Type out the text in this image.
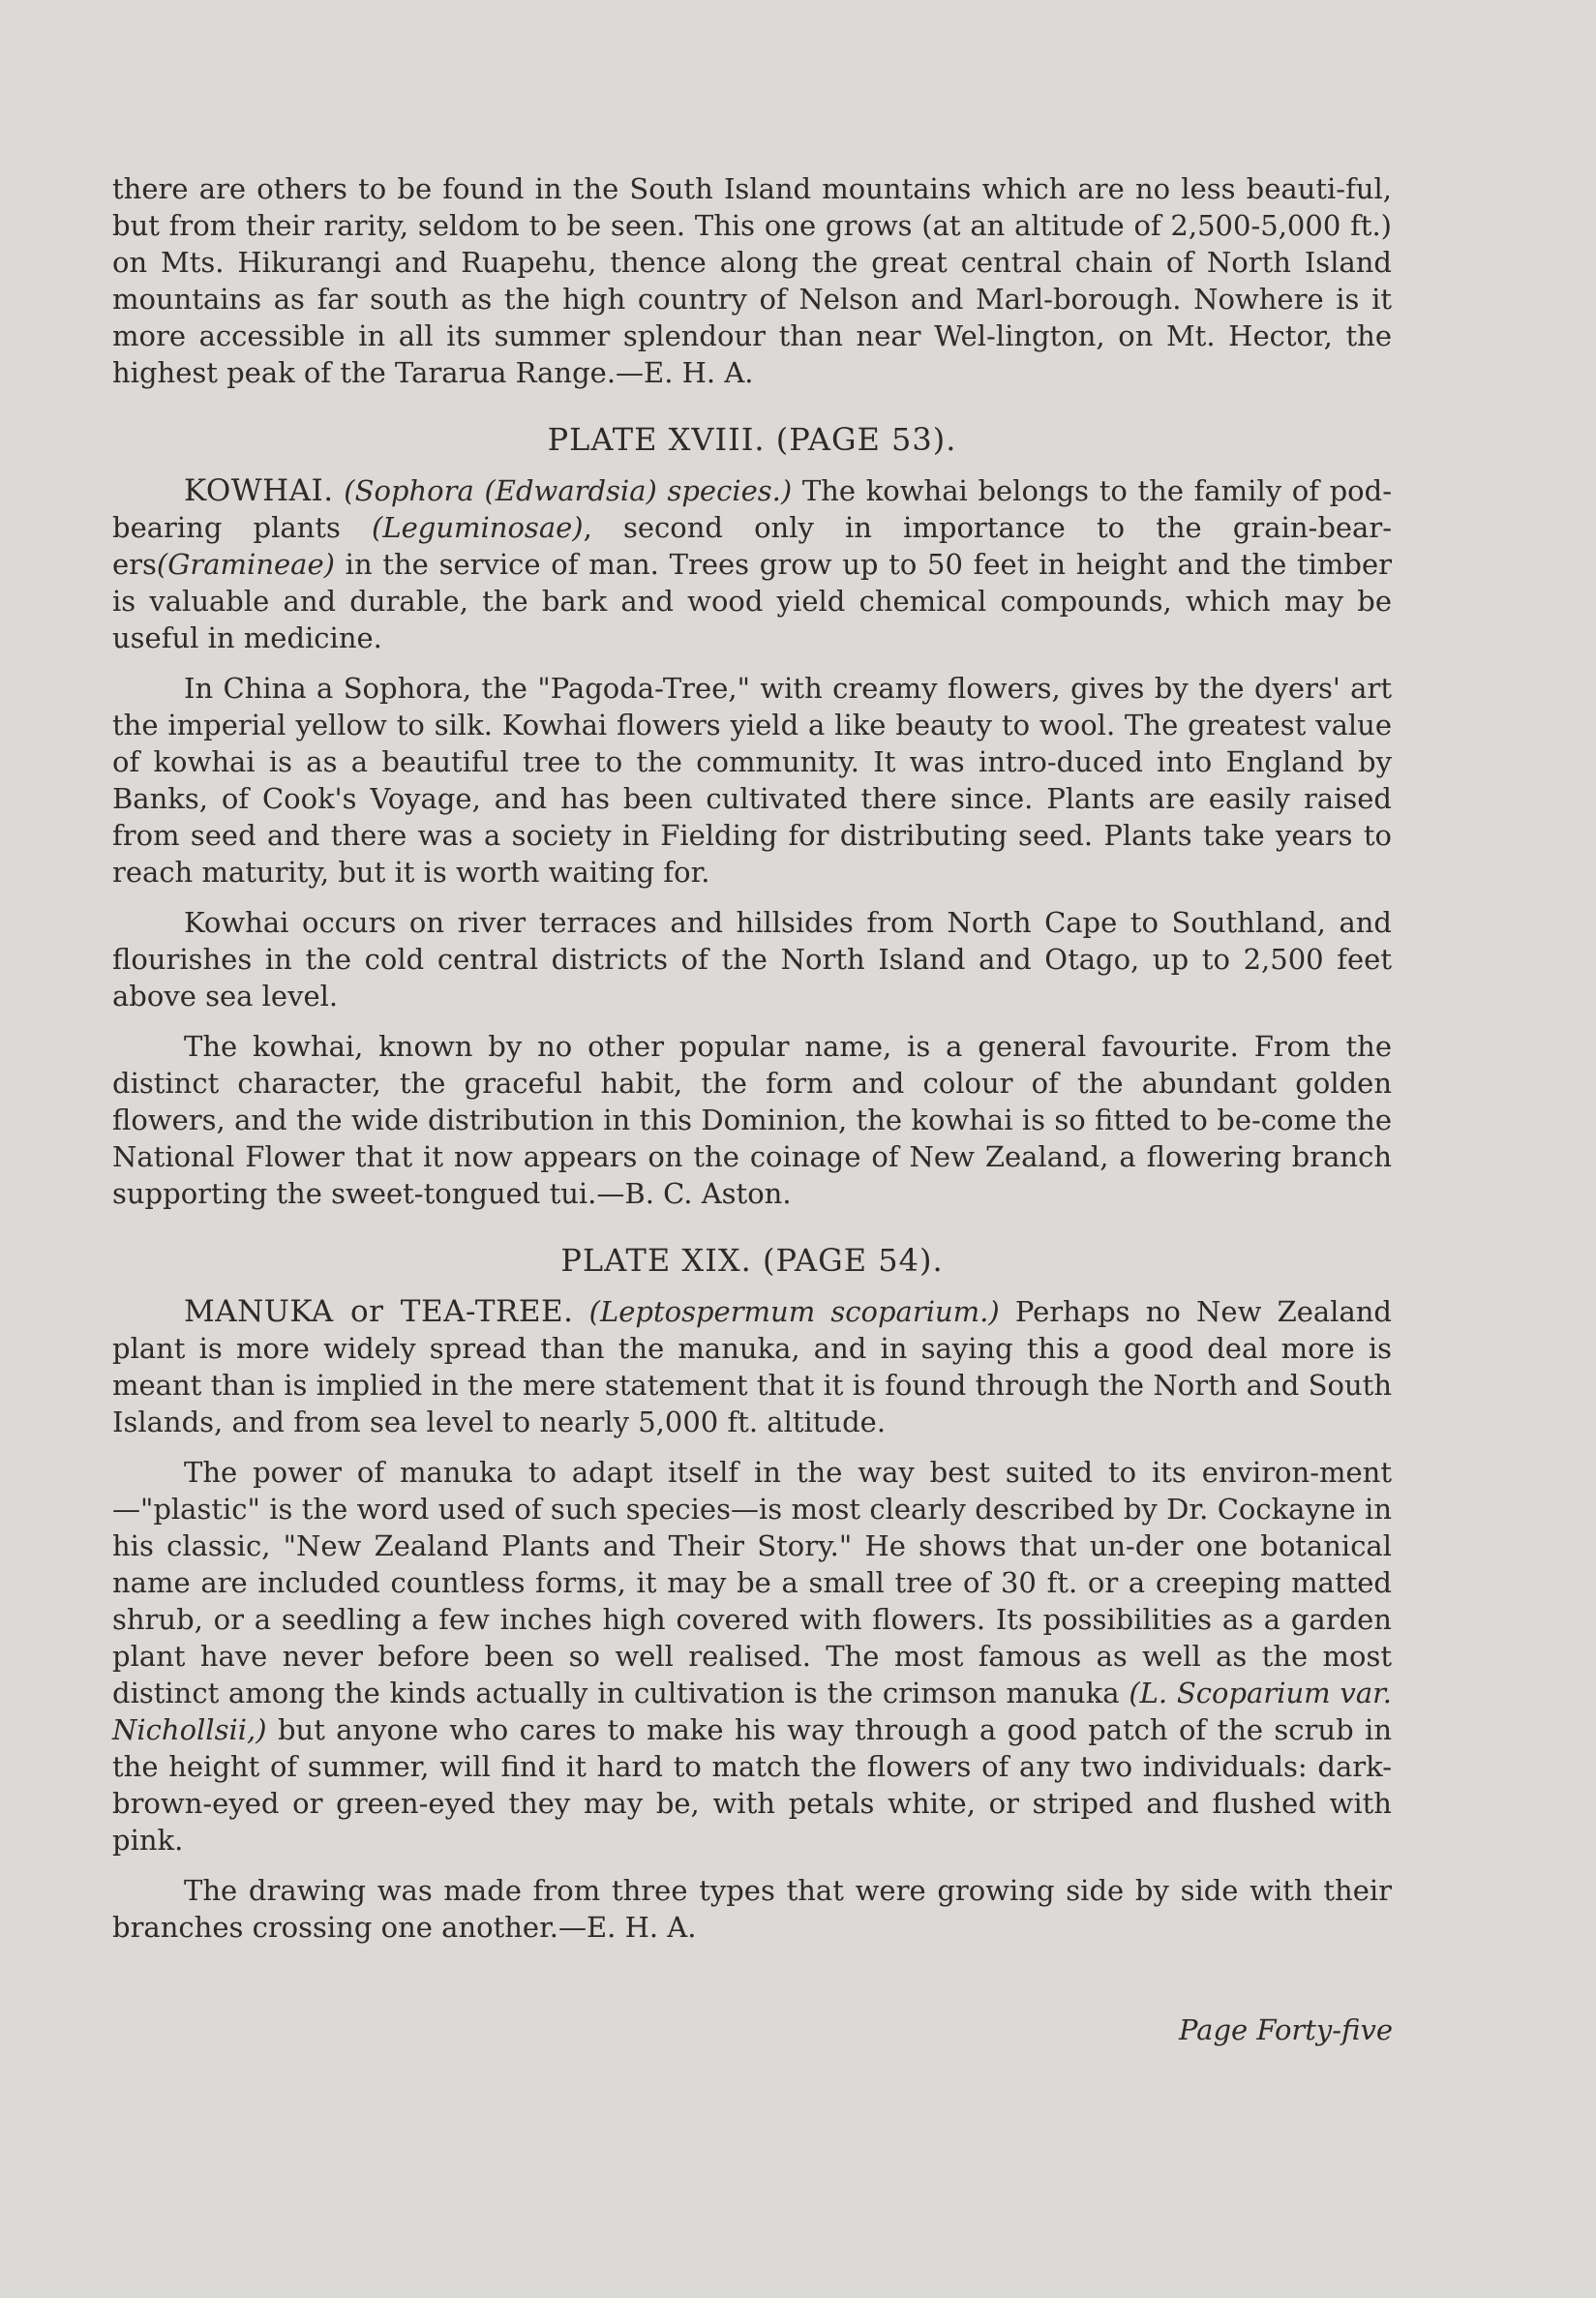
there are others to be found in the South Island mountains which are no less beauti-ful, but from their rarity, seldom to be seen. This one grows (at an altitude of 2,500-5,000 ft.) on Mts. Hikurangi and Ruapehu, thence along the great central chain of North Island mountains as far south as the high country of Nelson and Marl-borough. Nowhere is it more accessible in all its summer splendour than near Wel-lington, on Mt. Hector, the highest peak of the Tararua Range.—E. H. A.

PLATE XVIII. (PAGE 53).

KOWHAI. (Sophora (Edwardsia) species.) The kowhai belongs to the family of pod-bearing plants (Leguminosae), second only in importance to the grain-bear-ers(Gramineae) in the service of man. Trees grow up to 50 feet in height and the timber is valuable and durable, the bark and wood yield chemical compounds, which may be useful in medicine.

In China a Sophora, the "Pagoda-Tree," with creamy flowers, gives by the dyers' art the imperial yellow to silk. Kowhai flowers yield a like beauty to wool. The greatest value of kowhai is as a beautiful tree to the community. It was intro-duced into England by Banks, of Cook's Voyage, and has been cultivated there since. Plants are easily raised from seed and there was a society in Fielding for distributing seed. Plants take years to reach maturity, but it is worth waiting for.

Kowhai occurs on river terraces and hillsides from North Cape to Southland, and flourishes in the cold central districts of the North Island and Otago, up to 2,500 feet above sea level.

The kowhai, known by no other popular name, is a general favourite. From the distinct character, the graceful habit, the form and colour of the abundant golden flowers, and the wide distribution in this Dominion, the kowhai is so fitted to be-come the National Flower that it now appears on the coinage of New Zealand, a flowering branch supporting the sweet-tongued tui.—B. C. Aston.

PLATE XIX. (PAGE 54).

MANUKA or TEA-TREE. (Leptospermum scoparium.) Perhaps no New Zealand plant is more widely spread than the manuka, and in saying this a good deal more is meant than is implied in the mere statement that it is found through the North and South Islands, and from sea level to nearly 5,000 ft. altitude.

The power of manuka to adapt itself in the way best suited to its environ-ment—"plastic" is the word used of such species—is most clearly described by Dr. Cockayne in his classic, "New Zealand Plants and Their Story." He shows that un-der one botanical name are included countless forms, it may be a small tree of 30 ft. or a creeping matted shrub, or a seedling a few inches high covered with flowers. Its possibilities as a garden plant have never before been so well realised. The most famous as well as the most distinct among the kinds actually in cultivation is the crimson manuka (L. Scoparium var. Nichollsii,) but anyone who cares to make his way through a good patch of the scrub in the height of summer, will find it hard to match the flowers of any two individuals: dark-brown-eyed or green-eyed they may be, with petals white, or striped and flushed with pink.

The drawing was made from three types that were growing side by side with their branches crossing one another.—E. H. A.

Page Forty-five
